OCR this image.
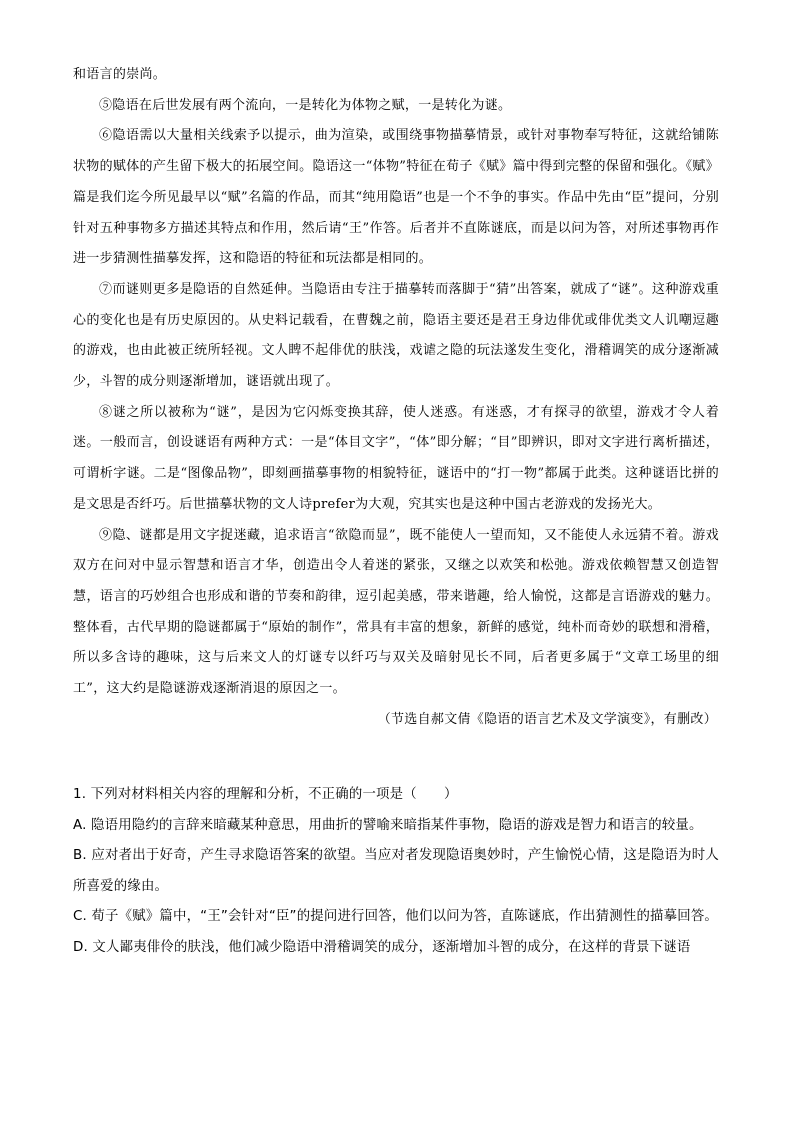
和语言的崇尚。

⑤隐语在后世发展有两个流向，一是转化为体物之赋，一是转化为谜。

⑥隐语需以大量相关线索予以提示，曲为渲染，或围绕事物描摹情景，或针对事物奉写特征，这就给铺陈状物的赋体的产生留下极大的拓展空间。隐语这一“体物”特征在荀子《赋》篇中得到完整的保留和强化。《赋》篇是我们迄今所见最早以“赋”名篇的作品，而其“纯用隐语”也是一个不争的事实。作品中先由“臣”提问，分别针对五种事物多方描述其特点和作用，然后请“王”作答。后者并不直陈谜底，而是以问为答，对所述事物再作进一步猜测性描摹发挥，这和隐语的特征和玩法都是相同的。

⑦而谜则更多是隐语的自然延伸。当隐语由专注于描摹转而落脚于“猜”出答案，就成了“谜”。这种游戏重心的变化也是有历史原因的。从史料记载看，在曹魏之前，隐语主要还是君王身边俳优或俳优类文人讥嘲逗趣的游戏，也由此被正统所轻视。文人睥不起俳优的肤浅，戏谑之隐的玩法遂发生变化，滑稽调笑的成分逐渐减少，斗智的成分则逐渐增加，谜语就出现了。

⑧谜之所以被称为“谜”，是因为它闪烁变换其辞，使人迷惑。有迷惑，才有探寻的欲望，游戏才令人着迷。一般而言，创设谜语有两种方式：一是“体目文字”，“体”即分解；“目”即辨识，即对文字进行离析描述，可谓析字谜。二是“图像品物”，即刻画描摹事物的相貌特征，谜语中的“打一物”都属于此类。这种谜语比拼的是文思是否纤巧。后世描摹状物的文人诗prefer为大观，究其实也是这种中国古老游戏的发扬光大。

⑨隐、谜都是用文字捉迷藏，追求语言“欲隐而显”，既不能使人一望而知，又不能使人永远猜不着。游戏双方在问对中显示智慧和语言才华，创造出令人着迷的紧张，又继之以欢笑和松弛。游戏依赖智慧又创造智慧，语言的巧妙组合也形成和谐的节奏和韵律，逗引起美感，带来谐趣，给人愉悦，这都是言语游戏的魅力。整体看，古代早期的隐谜都属于“原始的制作”，常具有丰富的想象，新鲜的感觉，纯朴而奇妙的联想和滑稽，所以多含诗的趣味，这与后来文人的灯谜专以纤巧与双关及暗射见长不同，后者更多属于“文章工场里的细工”，这大约是隐谜游戏逐渐消退的原因之一。

（节选自郝文倩《隐语的语言艺术及文学演变》，有删改）

1. 下列对材料相关内容的理解和分析，不正确的一项是（　　）

A. 隐语用隐约的言辞来暗藏某种意思，用曲折的譬喻来暗指某件事物，隐语的游戏是智力和语言的较量。

B. 应对者出于好奇，产生寻求隐语答案的欲望。当应对者发现隐语奥妙时，产生愉悦心情，这是隐语为时人所喜爱的缘由。

C. 荀子《赋》篇中，“王”会针对“臣”的提问进行回答，他们以问为答，直陈谜底，作出猜测性的描摹回答。

D. 文人鄙夷俳伶的肤浅，他们减少隐语中滑稽调笑的成分，逐渐增加斗智的成分，在这样的背景下谜语
